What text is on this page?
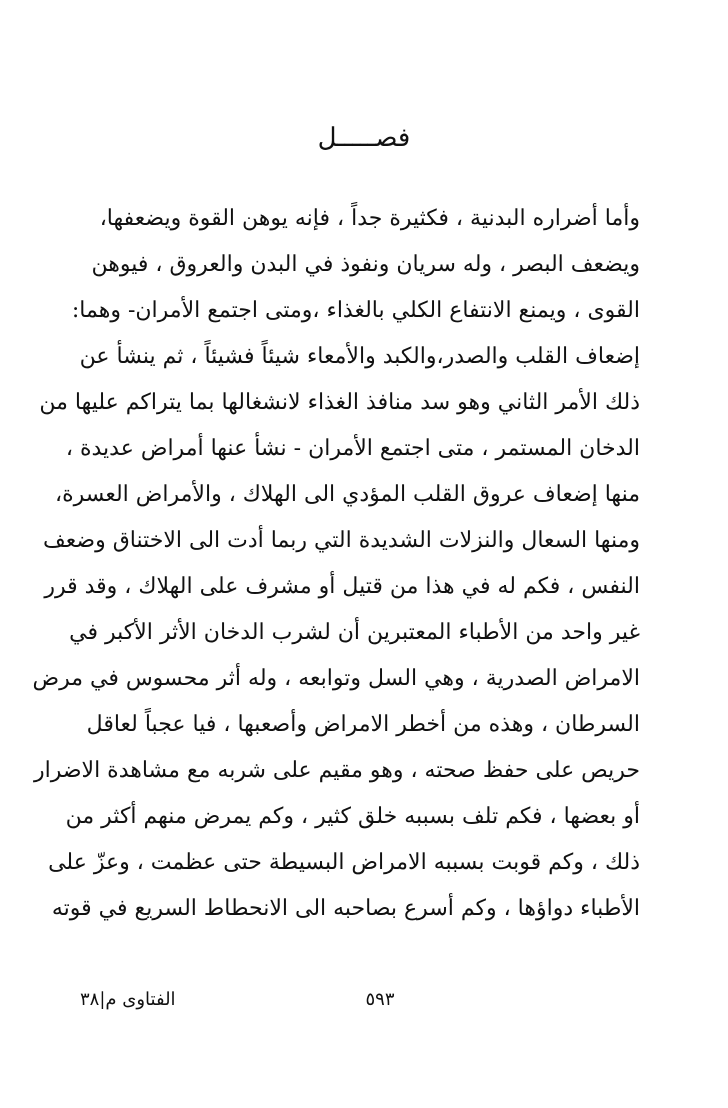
فصـــــل
وأما أضراره البدنية ، فكثيرة جداً ، فإنه يوهن القوة ويضعفها،
ويضعف البصر ، وله سريان ونفوذ في البدن والعروق ، فيوهن
القوى ، ويمنع الانتفاع الكلي بالغذاء ،ومتى اجتمع الأمران- وهما:
إضعاف القلب والصدر،والكبد والأمعاء شيئاً فشيئاً ، ثم ينشأ عن
ذلك الأمر الثاني وهو سد منافذ الغذاء لانشغالها بما يتراكم عليها من
الدخان المستمر ، متى اجتمع الأمران - نشأ عنها أمراض عديدة ،
منها إضعاف عروق القلب المؤدي الى الهلاك ، والأمراض العسرة،
ومنها السعال والنزلات الشديدة التي ربما أدت الى الاختناق وضعف
النفس ، فكم له في هذا من قتيل أو مشرف على الهلاك ، وقد قرر
غير واحد من الأطباء المعتبرين أن لشرب الدخان الأثر الأكبر في
الامراض الصدرية ، وهي السل وتوابعه ، وله أثر محسوس في مرض
السرطان ، وهذه من أخطر الامراض وأصعبها ، فيا عجباً لعاقل
حريص على حفظ صحته ، وهو مقيم على شربه مع مشاهدة الاضرار
أو بعضها ، فكم تلف بسببه خلق كثير ، وكم يمرض منهم أكثر من
ذلك ، وكم قوبت بسببه الامراض البسيطة حتى عظمت ، وعزّ على
الأطباء دواؤها ، وكم أسرع بصاحبه الى الانحطاط السريع في قوته
٥٩٣
الفتاوى م|٣٨
